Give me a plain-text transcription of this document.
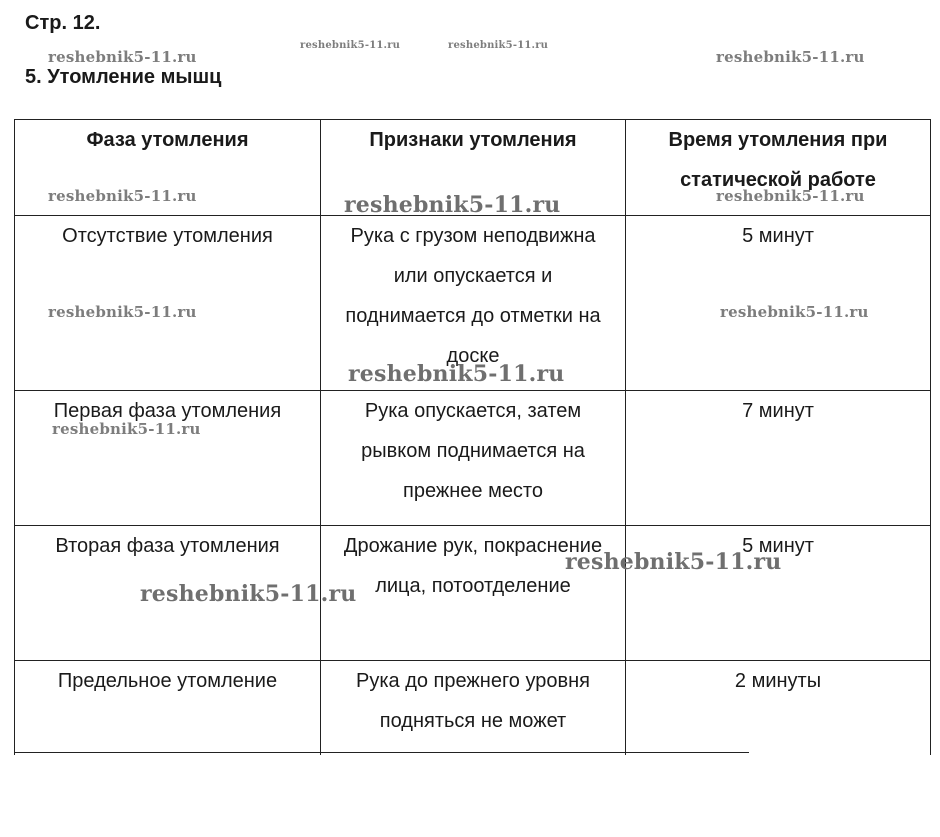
Стр. 12.
5. Утомление мышц
Фаза утомления	Признаки утомления	Время утомления при статической работе
Отсутствие утомления	Рука с грузом неподвижна или опускается и поднимается до отметки на доске	5 минут
Первая фаза утомления	Рука опускается, затем рывком поднимается на прежнее место	7 минут
Вторая фаза утомления	Дрожание рук, покраснение лица, потоотделение	5 минут
Предельное утомление	Рука до прежнего уровня подняться не может	2 минуты
reshebnik5-11.ru
reshebnik5-11.ru	reshebnik5-11.ru
reshebnik5-11.ru
reshebnik5-11.ru	reshebnik5-11.ru	reshebnik5-11.ru
reshebnik5-11.ru	reshebnik5-11.ru
reshebnik5-11.ru
reshebnik5-11.ru
reshebnik5-11.ru
reshebnik5-11.ru
